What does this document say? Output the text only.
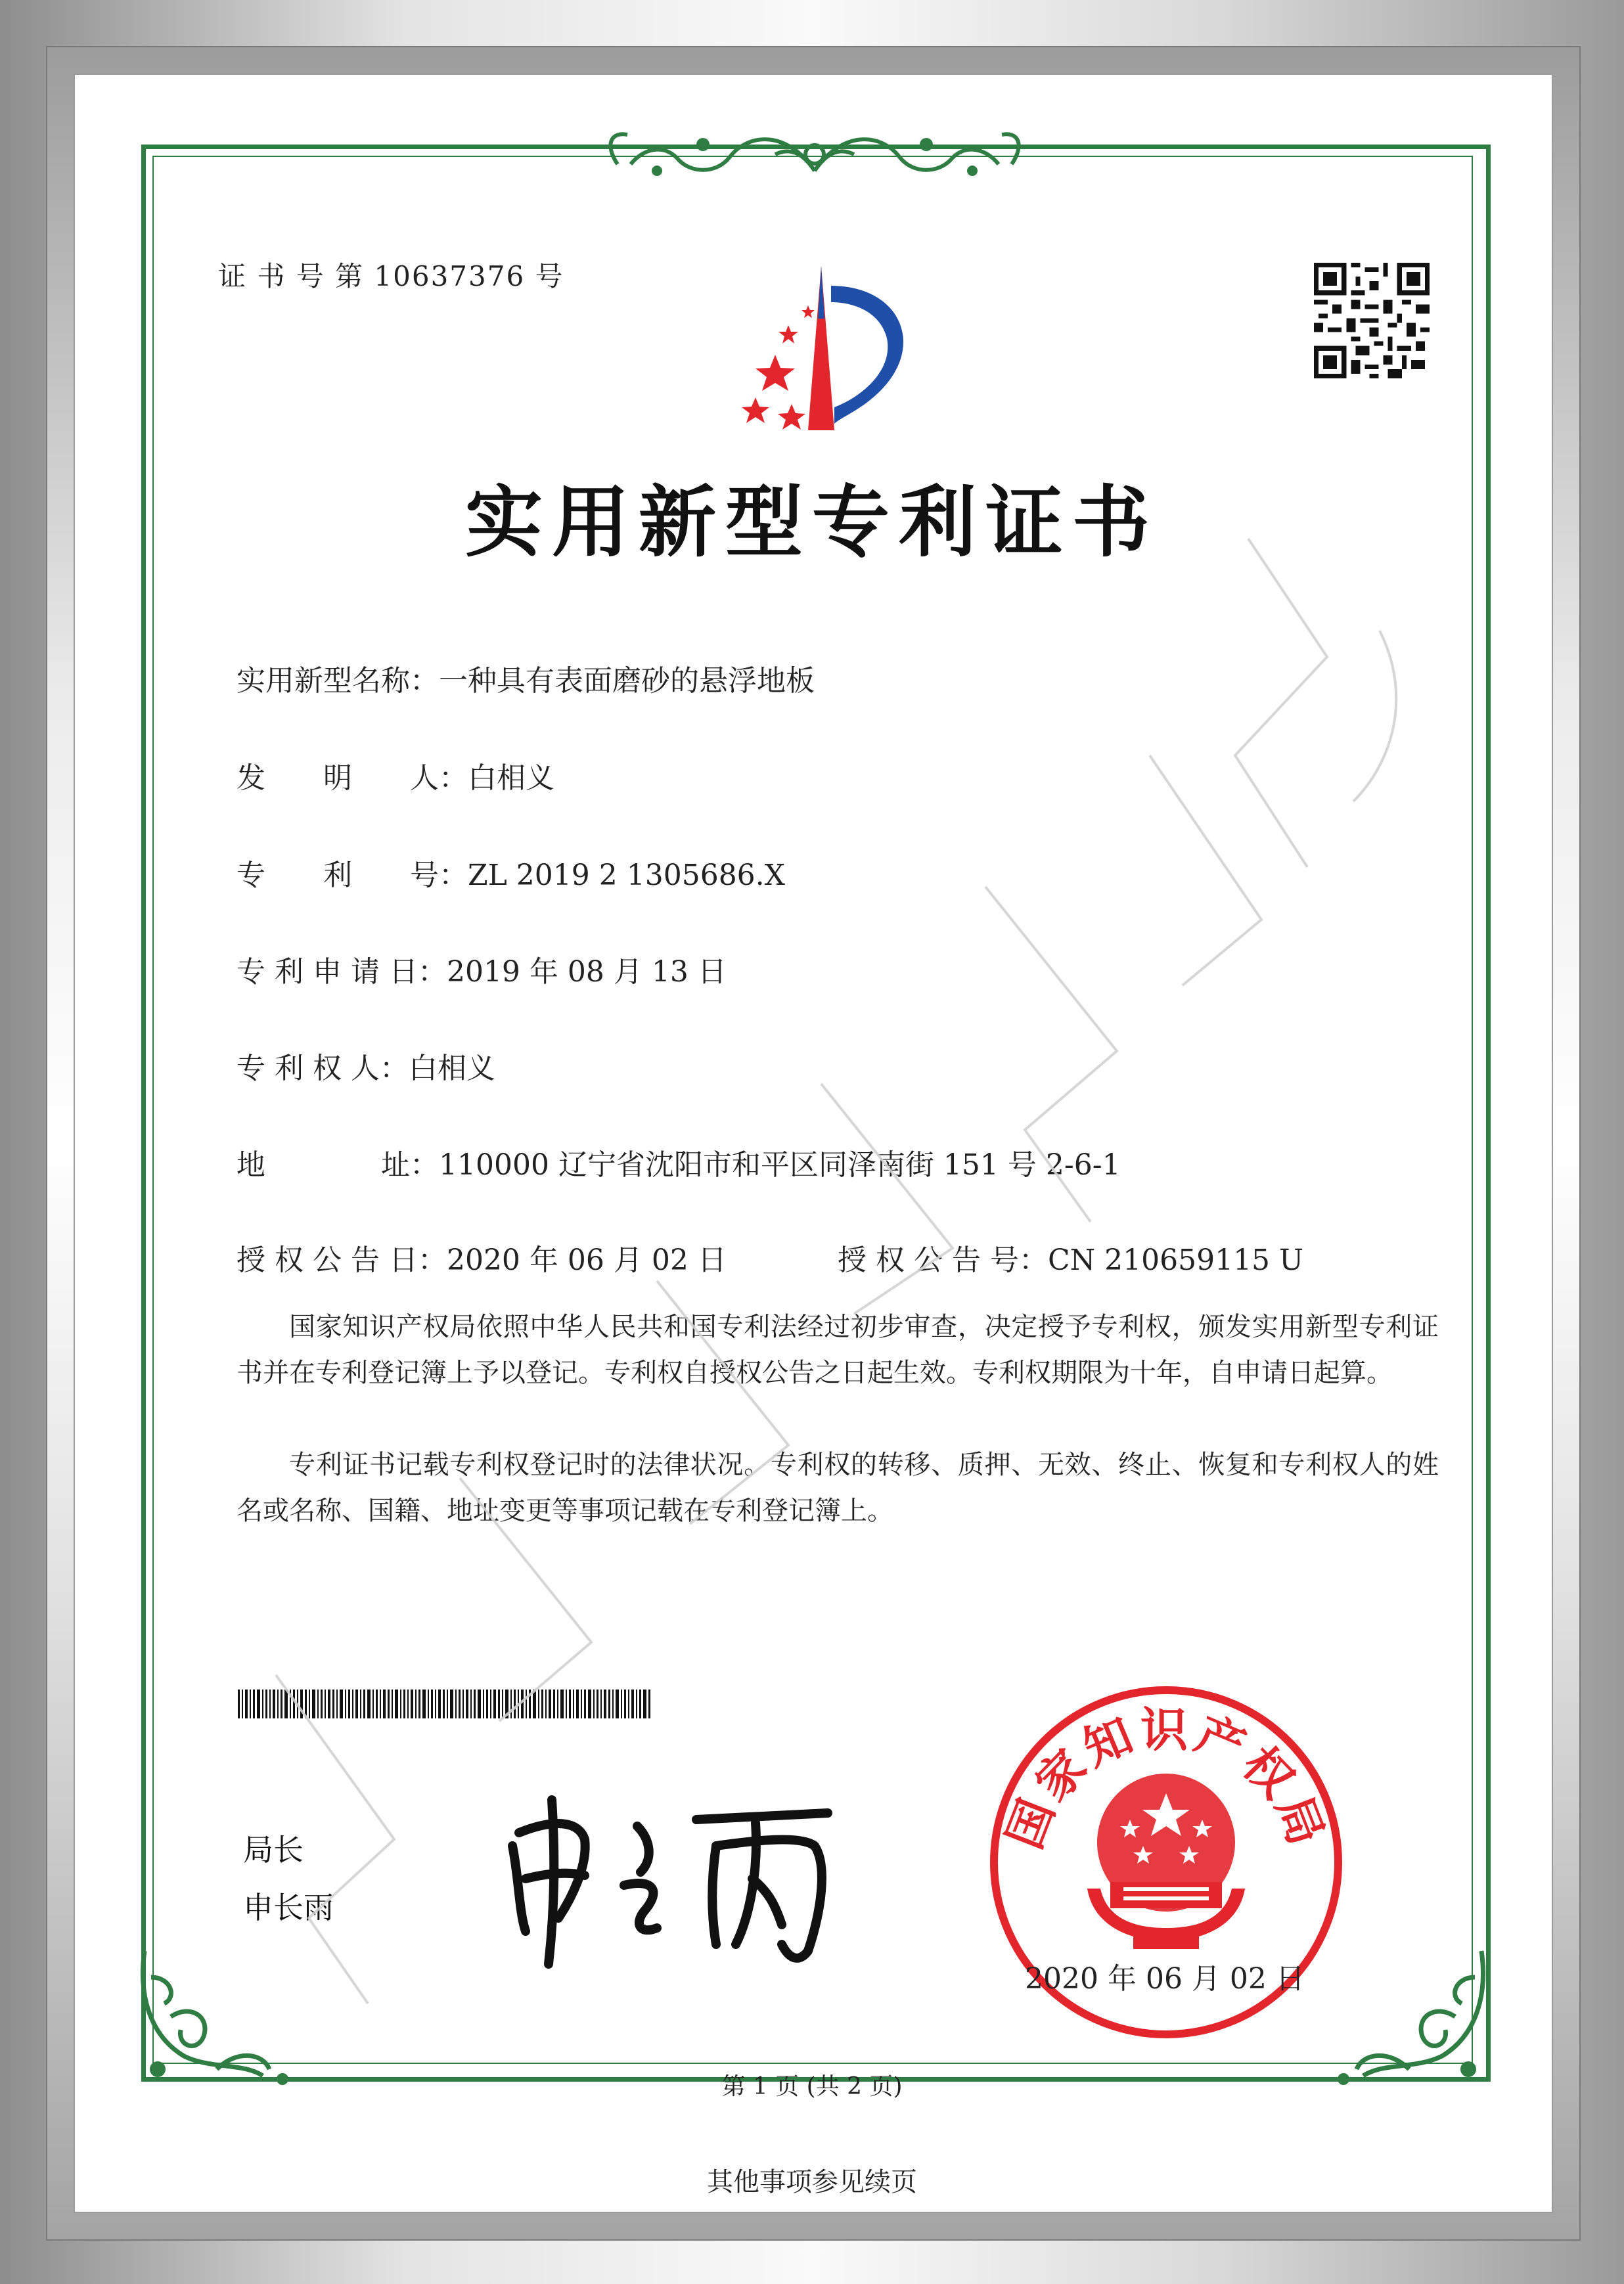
证 书 号 第 10637376 号
实用新型专利证书
实用新型名称：一种具有表面磨砂的悬浮地板
发　　明　　人：白相义
专　　利　　号：ZL 2019 2 1305686.X
专 利 申 请 日：2019 年 08 月 13 日
专 利 权 人：白相义
地　　　　址：110000 辽宁省沈阳市和平区同泽南街 151 号 2-6-1
授 权 公 告 日：2020 年 06 月 02 日	授 权 公 告 号：CN 210659115 U
国家知识产权局依照中华人民共和国专利法经过初步审查，决定授予专利权，颁发实用新型专利证书并在专利登记簿上予以登记。专利权自授权公告之日起生效。专利权期限为十年，自申请日起算。
专利证书记载专利权登记时的法律状况。专利权的转移、质押、无效、终止、恢复和专利权人的姓名或名称、国籍、地址变更等事项记载在专利登记簿上。
局长
申长雨
国家知识产权局
2020 年 06 月 02 日
第 1 页 (共 2 页)
其他事项参见续页
